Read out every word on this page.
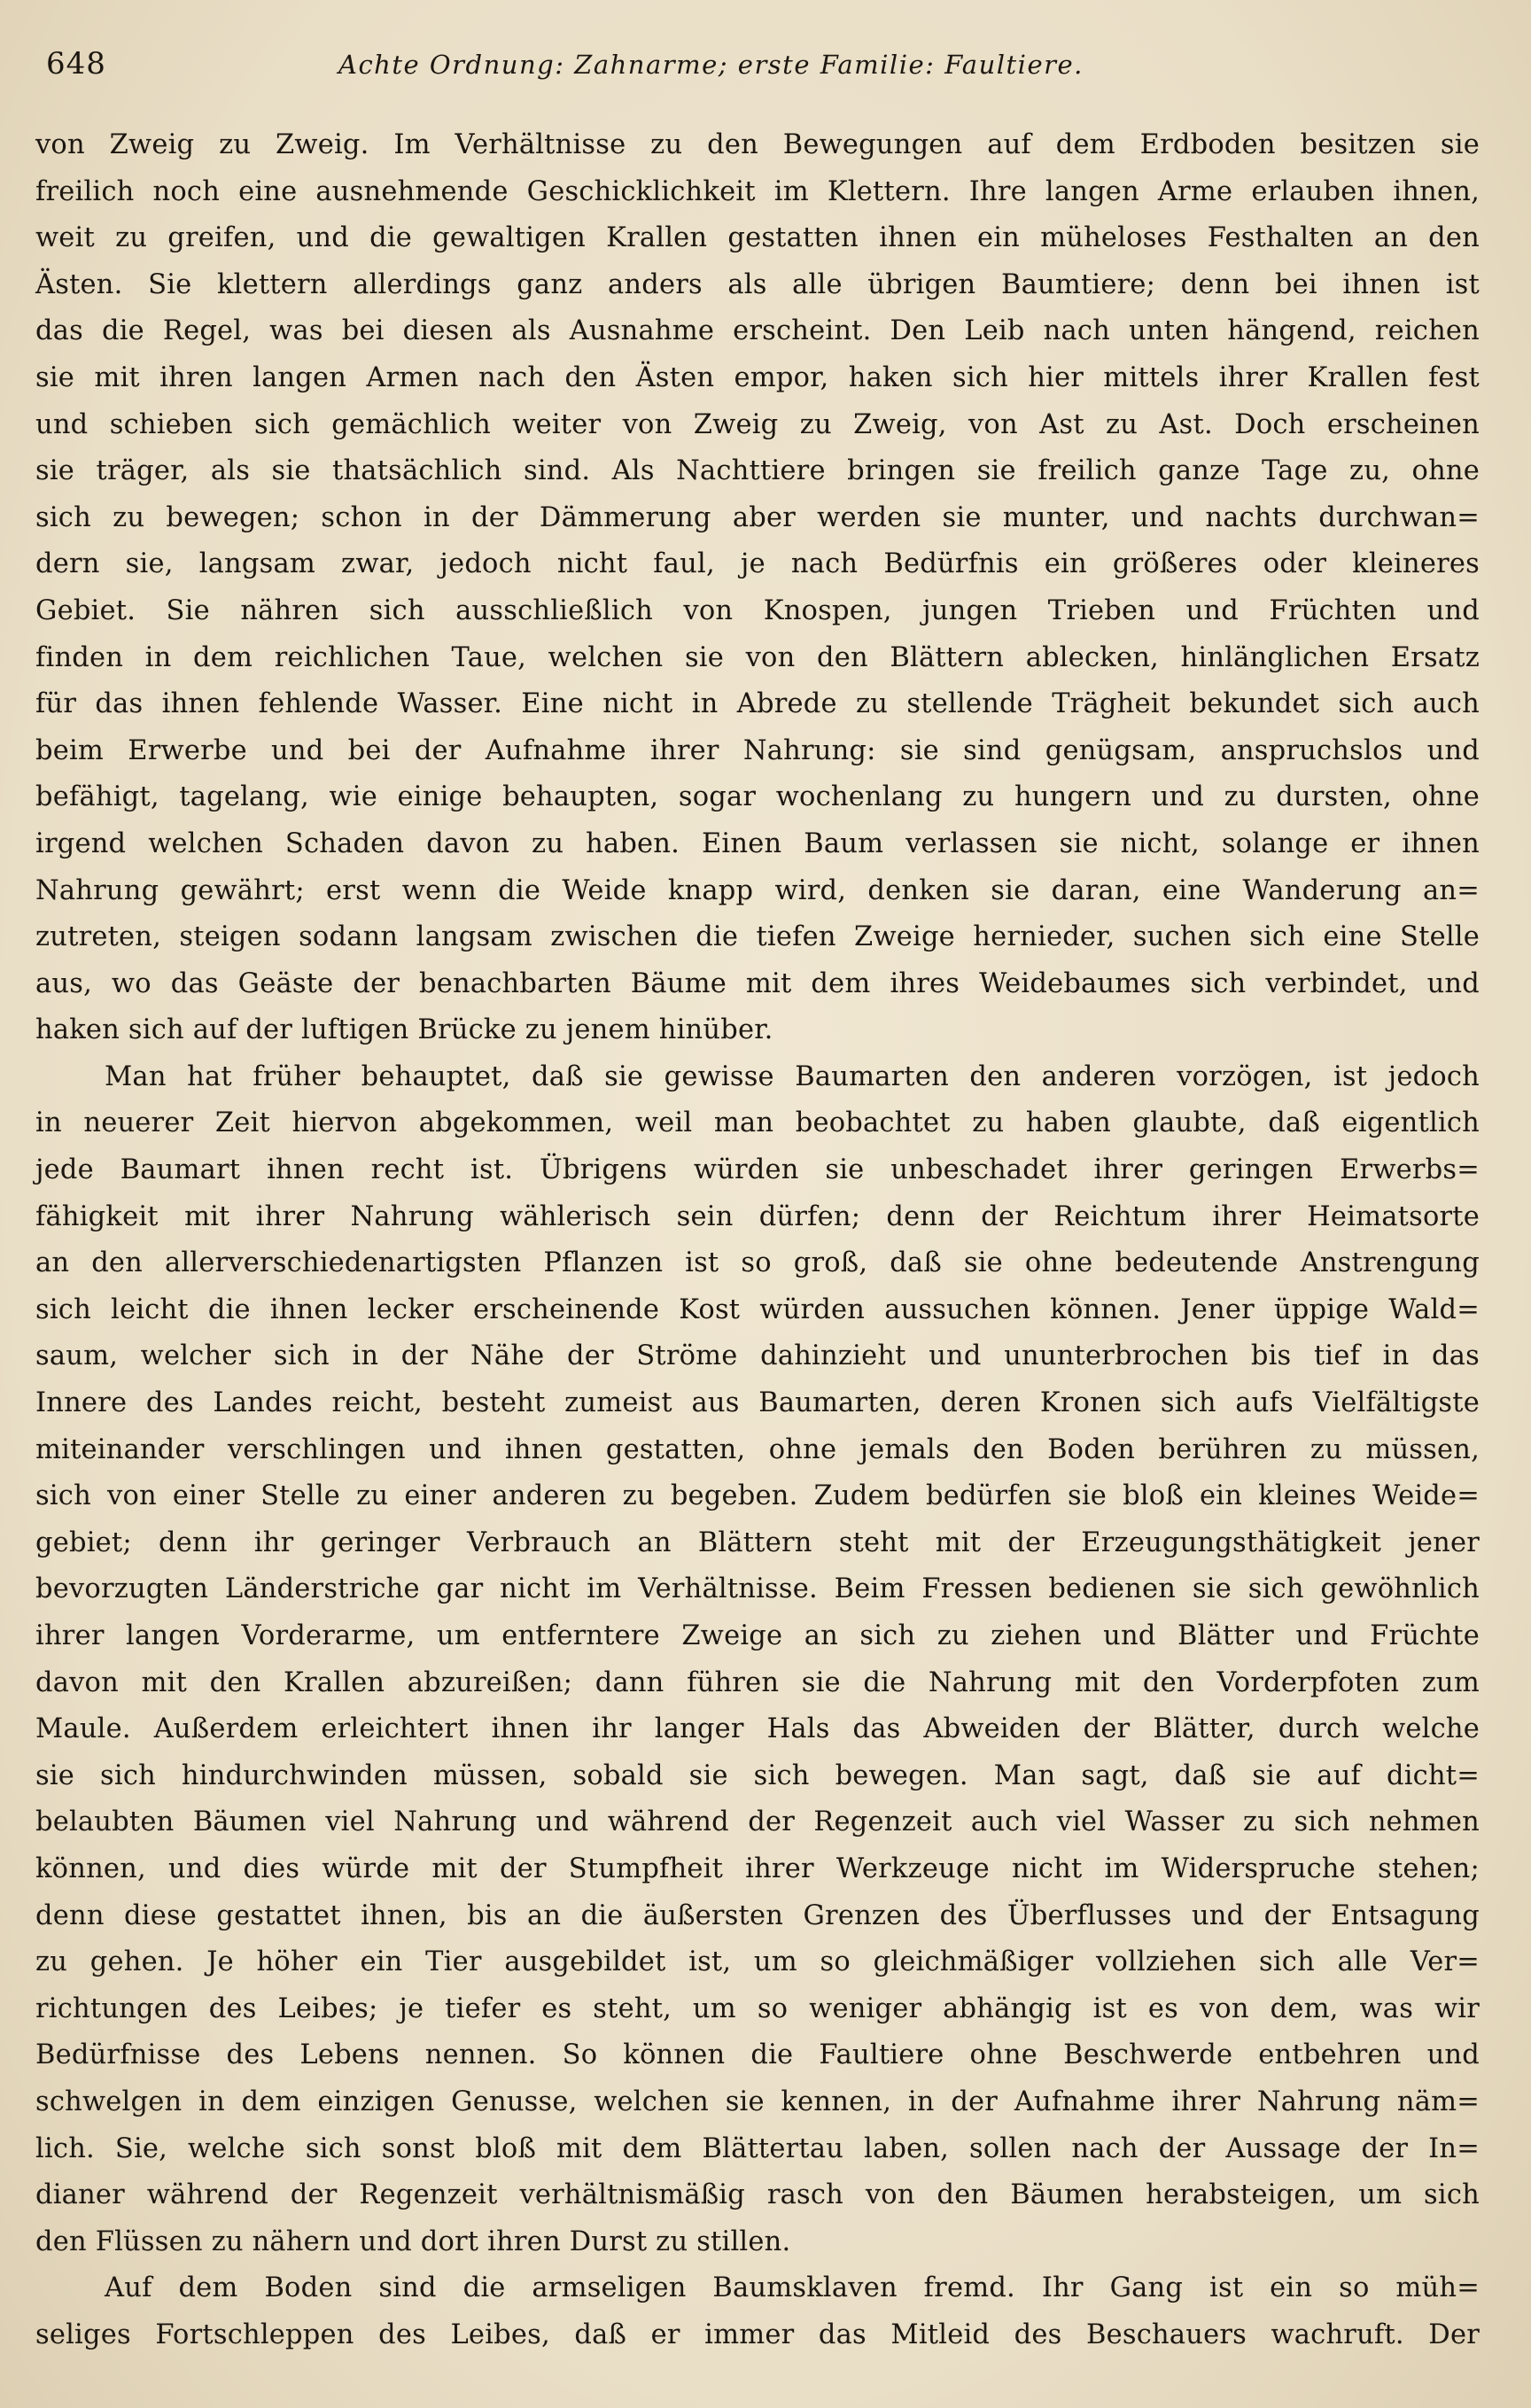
648	Achte Ordnung: Zahnarme; erste Familie: Faultiere.
von Zweig zu Zweig. Im Verhältnisse zu den Bewegungen auf dem Erdboden besitzen sie
freilich noch eine ausnehmende Geschicklichkeit im Klettern. Ihre langen Arme erlauben ihnen,
weit zu greifen, und die gewaltigen Krallen gestatten ihnen ein müheloses Festhalten an den
Ästen. Sie klettern allerdings ganz anders als alle übrigen Baumtiere; denn bei ihnen ist
das die Regel, was bei diesen als Ausnahme erscheint. Den Leib nach unten hängend, reichen
sie mit ihren langen Armen nach den Ästen empor, haken sich hier mittels ihrer Krallen fest
und schieben sich gemächlich weiter von Zweig zu Zweig, von Ast zu Ast. Doch erscheinen
sie träger, als sie thatsächlich sind. Als Nachttiere bringen sie freilich ganze Tage zu, ohne
sich zu bewegen; schon in der Dämmerung aber werden sie munter, und nachts durchwan=
dern sie, langsam zwar, jedoch nicht faul, je nach Bedürfnis ein größeres oder kleineres
Gebiet. Sie nähren sich ausschließlich von Knospen, jungen Trieben und Früchten und
finden in dem reichlichen Taue, welchen sie von den Blättern ablecken, hinlänglichen Ersatz
für das ihnen fehlende Wasser. Eine nicht in Abrede zu stellende Trägheit bekundet sich auch
beim Erwerbe und bei der Aufnahme ihrer Nahrung: sie sind genügsam, anspruchslos und
befähigt, tagelang, wie einige behaupten, sogar wochenlang zu hungern und zu dursten, ohne
irgend welchen Schaden davon zu haben. Einen Baum verlassen sie nicht, solange er ihnen
Nahrung gewährt; erst wenn die Weide knapp wird, denken sie daran, eine Wanderung an=
zutreten, steigen sodann langsam zwischen die tiefen Zweige hernieder, suchen sich eine Stelle
aus, wo das Geäste der benachbarten Bäume mit dem ihres Weidebaumes sich verbindet, und
haken sich auf der luftigen Brücke zu jenem hinüber.
Man hat früher behauptet, daß sie gewisse Baumarten den anderen vorzögen, ist jedoch
in neuerer Zeit hiervon abgekommen, weil man beobachtet zu haben glaubte, daß eigentlich
jede Baumart ihnen recht ist. Übrigens würden sie unbeschadet ihrer geringen Erwerbs=
fähigkeit mit ihrer Nahrung wählerisch sein dürfen; denn der Reichtum ihrer Heimatsorte
an den allerverschiedenartigsten Pflanzen ist so groß, daß sie ohne bedeutende Anstrengung
sich leicht die ihnen lecker erscheinende Kost würden aussuchen können. Jener üppige Wald=
saum, welcher sich in der Nähe der Ströme dahinzieht und ununterbrochen bis tief in das
Innere des Landes reicht, besteht zumeist aus Baumarten, deren Kronen sich aufs Vielfältigste
miteinander verschlingen und ihnen gestatten, ohne jemals den Boden berühren zu müssen,
sich von einer Stelle zu einer anderen zu begeben. Zudem bedürfen sie bloß ein kleines Weide=
gebiet; denn ihr geringer Verbrauch an Blättern steht mit der Erzeugungsthätigkeit jener
bevorzugten Länderstriche gar nicht im Verhältnisse. Beim Fressen bedienen sie sich gewöhnlich
ihrer langen Vorderarme, um entferntere Zweige an sich zu ziehen und Blätter und Früchte
davon mit den Krallen abzureißen; dann führen sie die Nahrung mit den Vorderpfoten zum
Maule. Außerdem erleichtert ihnen ihr langer Hals das Abweiden der Blätter, durch welche
sie sich hindurchwinden müssen, sobald sie sich bewegen. Man sagt, daß sie auf dicht=
belaubten Bäumen viel Nahrung und während der Regenzeit auch viel Wasser zu sich nehmen
können, und dies würde mit der Stumpfheit ihrer Werkzeuge nicht im Widerspruche stehen;
denn diese gestattet ihnen, bis an die äußersten Grenzen des Überflusses und der Entsagung
zu gehen. Je höher ein Tier ausgebildet ist, um so gleichmäßiger vollziehen sich alle Ver=
richtungen des Leibes; je tiefer es steht, um so weniger abhängig ist es von dem, was wir
Bedürfnisse des Lebens nennen. So können die Faultiere ohne Beschwerde entbehren und
schwelgen in dem einzigen Genusse, welchen sie kennen, in der Aufnahme ihrer Nahrung näm=
lich. Sie, welche sich sonst bloß mit dem Blättertau laben, sollen nach der Aussage der In=
dianer während der Regenzeit verhältnismäßig rasch von den Bäumen herabsteigen, um sich
den Flüssen zu nähern und dort ihren Durst zu stillen.
Auf dem Boden sind die armseligen Baumsklaven fremd. Ihr Gang ist ein so müh=
seliges Fortschleppen des Leibes, daß er immer das Mitleid des Beschauers wachruft. Der
